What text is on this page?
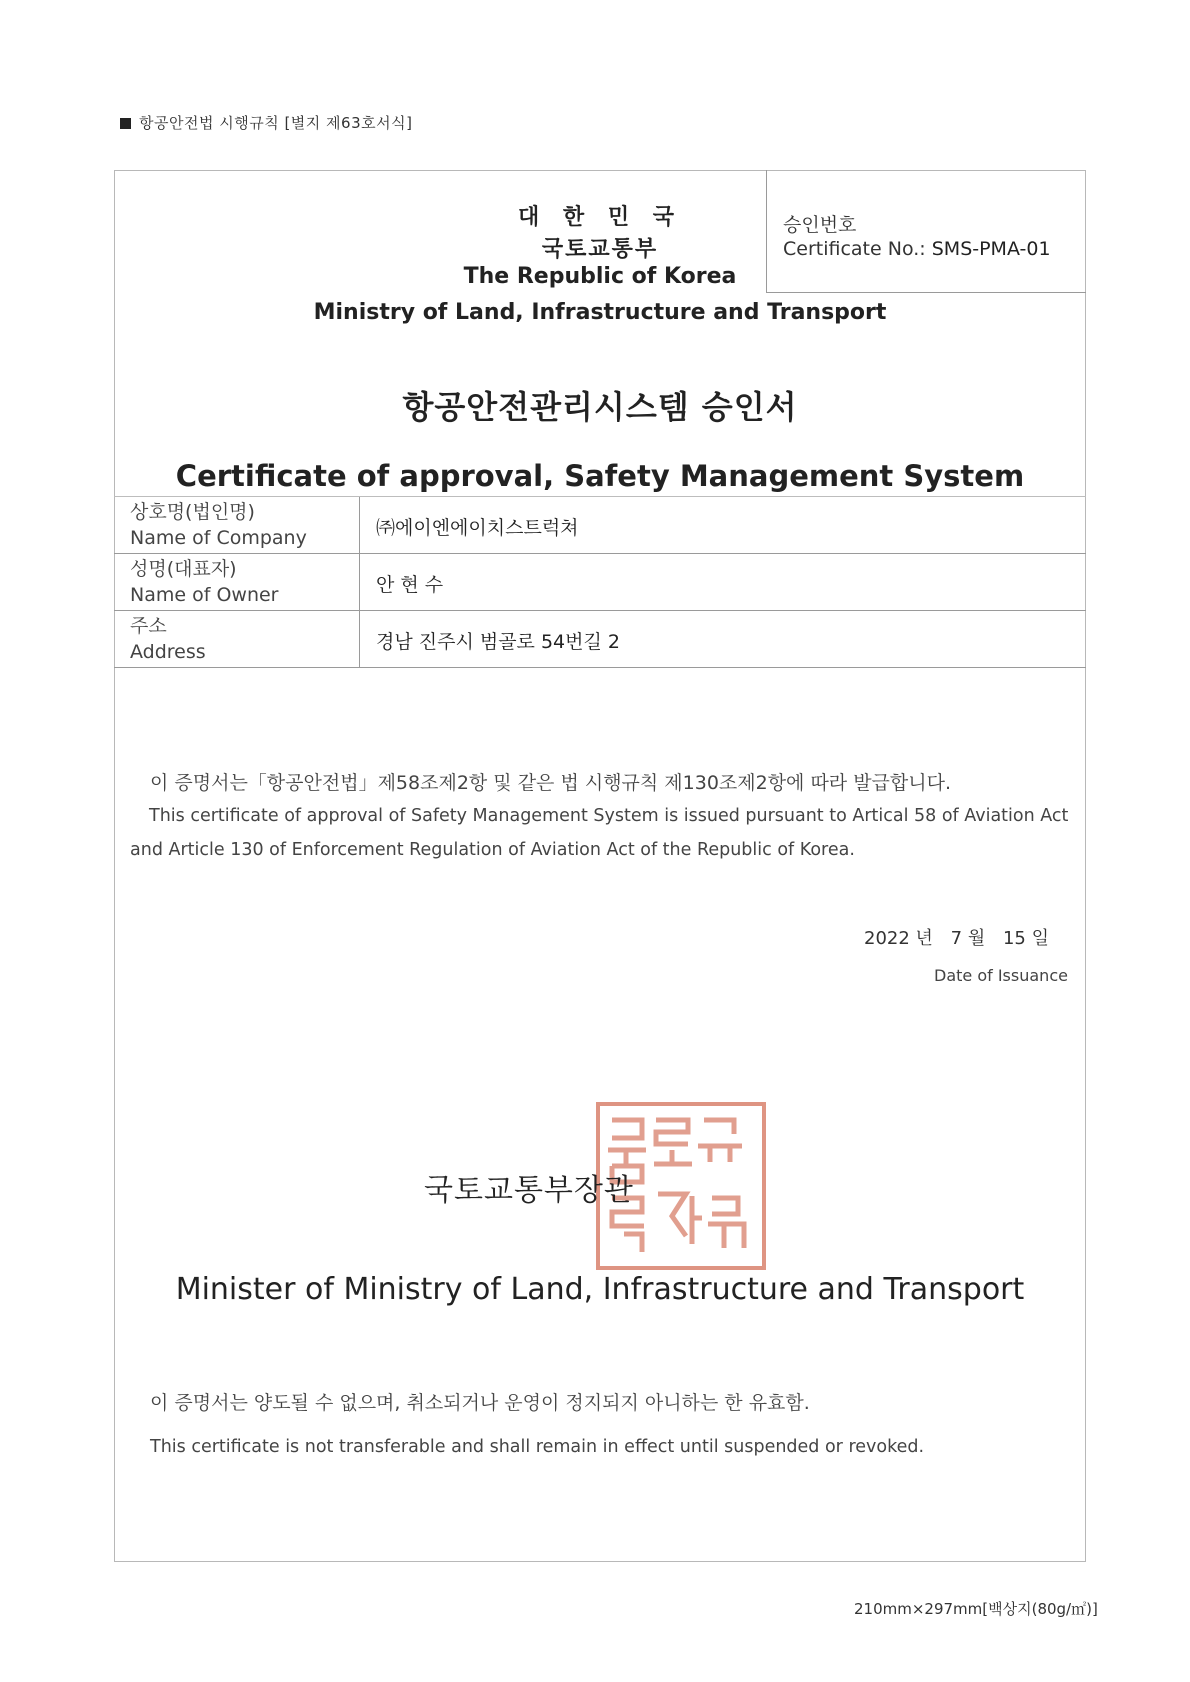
항공안전법 시행규칙 [별지 제63호서식]
승인번호
Certificate No.: SMS-PMA-01
대 한 민 국
국토교통부
The Republic of Korea
Ministry of Land, Infrastructure and Transport
항공안전관리시스템 승인서
Certificate of approval, Safety Management System
상호명(법인명)
Name of Company	㈜에이엔에이치스트럭쳐
성명(대표자)
Name of Owner	안 현 수
주소
Address	경남 진주시 범골로 54번길 2
이 증명서는「항공안전법」제58조제2항 및 같은 법 시행규칙 제130조제2항에 따라 발급합니다.
This certificate of approval of Safety Management System is issued pursuant to Artical 58 of Aviation Act
and Article 130 of Enforcement Regulation of Aviation Act of the Republic of Korea.
2022 년 7 월 15 일
Date of Issuance
국토교통부장관
Minister of Ministry of Land, Infrastructure and Transport
이 증명서는 양도될 수 없으며, 취소되거나 운영이 정지되지 아니하는 한 유효함.
This certificate is not transferable and shall remain in effect until suspended or revoked.
210mm×297mm[백상지(80g/㎡)]
